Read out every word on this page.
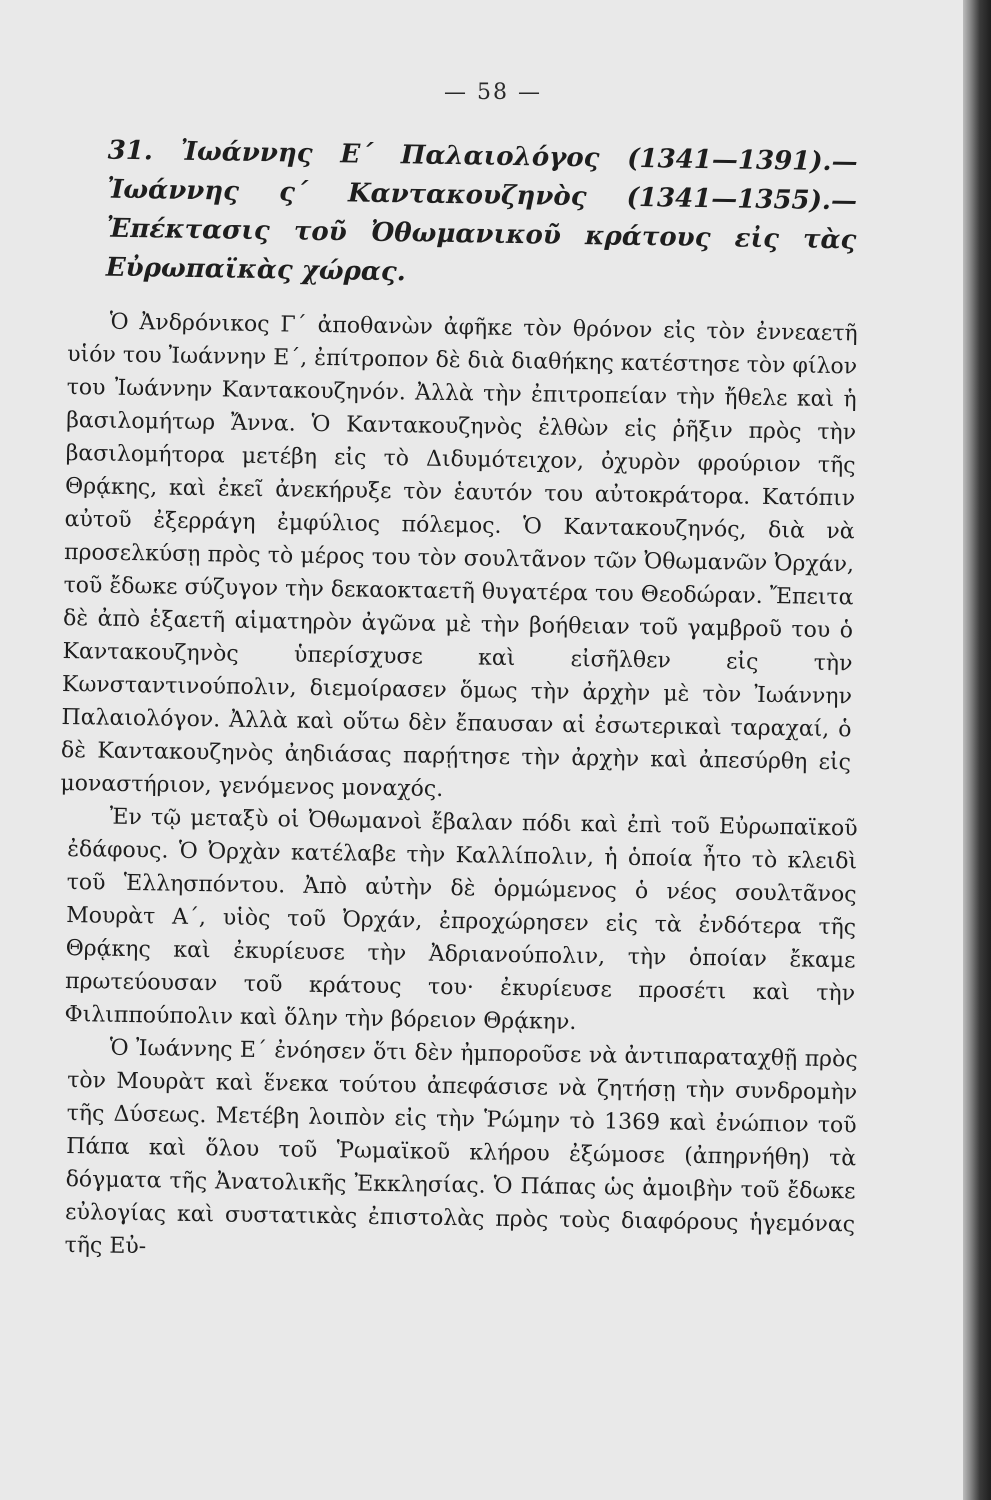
— 58 —
31. Ἰωάννης Ε΄ Παλαιολόγος (1341—1391).—Ἰωάννης ς΄ Καντακουζηνὸς (1341—1355).— Ἐπέκτασις τοῦ Ὀθωμανικοῦ κράτους εἰς τὰς Εὐρωπαϊκὰς χώρας.

Ὁ Ἀνδρόνικος Γ΄ ἀποθανὼν ἀφῆκε τὸν θρόνον εἰς τὸν ἐννεαετῆ υἱόν του Ἰωάννην Ε΄, ἐπίτροπον δὲ διὰ διαθήκης κατέστησε τὸν φίλον του Ἰωάννην Καντακουζηνόν. Ἀλλὰ τὴν ἐπιτροπείαν τὴν ἤθελε καὶ ἡ βασιλομήτωρ Ἄννα. Ὁ Καντακουζηνὸς ἐλθὼν εἰς ῥῆξιν πρὸς τὴν βασιλομήτορα μετέβη εἰς τὸ Διδυμότειχον, ὀχυρὸν φρούριον τῆς Θρᾴκης, καὶ ἐκεῖ ἀνεκήρυξε τὸν ἑαυτόν του αὐτοκράτορα. Κατόπιν αὐτοῦ ἐξερράγη ἐμφύλιος πόλεμος. Ὁ Καντακουζηνός, διὰ νὰ προσελκύσῃ πρὸς τὸ μέρος του τὸν σουλτᾶνον τῶν Ὀθωμανῶν Ὀρχάν, τοῦ ἔδωκε σύζυγον τὴν δεκαοκταετῆ θυγατέρα του Θεοδώραν. Ἔπειτα δὲ ἀπὸ ἑξαετῆ αἱματηρὸν ἀγῶνα μὲ τὴν βοήθειαν τοῦ γαμβροῦ του ὁ Καντακουζηνὸς ὑπερίσχυσε καὶ εἰσῆλθεν εἰς τὴν Κωνσταντινούπολιν, διεμοίρασεν ὅμως τὴν ἀρχὴν μὲ τὸν Ἰωάννην Παλαιολόγον. Ἀλλὰ καὶ οὕτω δὲν ἔπαυσαν αἱ ἐσωτερικαὶ ταραχαί, ὁ δὲ Καντακουζηνὸς ἀηδιάσας παρῄτησε τὴν ἀρχὴν καὶ ἀπεσύρθη εἰς μοναστήριον, γενόμενος μοναχός.

Ἐν τῷ μεταξὺ οἱ Ὀθωμανοὶ ἔβαλαν πόδι καὶ ἐπὶ τοῦ Εὐρωπαϊκοῦ ἐδάφους. Ὁ Ὀρχὰν κατέλαβε τὴν Καλλίπολιν, ἡ ὁποία ἦτο τὸ κλειδὶ τοῦ Ἑλλησπόντου. Ἀπὸ αὐτὴν δὲ ὁρμώμενος ὁ νέος σουλτᾶνος Μουρὰτ Α΄, υἱὸς τοῦ Ὀρχάν, ἐπροχώρησεν εἰς τὰ ἐνδότερα τῆς Θρᾴκης καὶ ἐκυρίευσε τὴν Ἀδριανούπολιν, τὴν ὁποίαν ἔκαμε πρωτεύουσαν τοῦ κράτους του· ἐκυρίευσε προσέτι καὶ τὴν Φιλιππούπολιν καὶ ὅλην τὴν βόρειον Θρᾴκην.

Ὁ Ἰωάννης Ε΄ ἐνόησεν ὅτι δὲν ἠμποροῦσε νὰ ἀντιπαραταχθῇ πρὸς τὸν Μουρὰτ καὶ ἕνεκα τούτου ἀπεφάσισε νὰ ζητήσῃ τὴν συνδρομὴν τῆς Δύσεως. Μετέβη λοιπὸν εἰς τὴν Ῥώμην τὸ 1369 καὶ ἐνώπιον τοῦ Πάπα καὶ ὅλου τοῦ Ῥωμαϊκοῦ κλήρου ἐξώμοσε (ἀπηρνήθη) τὰ δόγματα τῆς Ἀνατολικῆς Ἐκκλησίας. Ὁ Πάπας ὡς ἀμοιβὴν τοῦ ἔδωκε εὐλογίας καὶ συστατικὰς ἐπιστολὰς πρὸς τοὺς διαφόρους ἡγεμόνας τῆς Εὐ-
